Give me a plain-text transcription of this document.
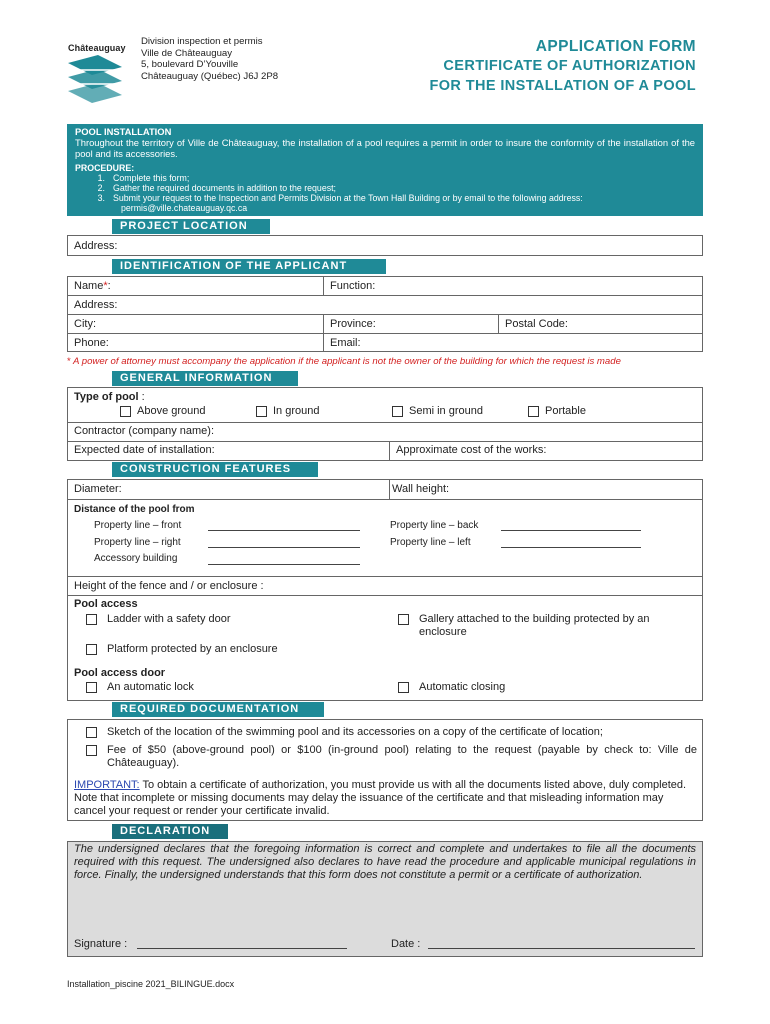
Châteauguay
Division inspection et permis
Ville de Châteauguay
5, boulevard D’Youville
Châteauguay (Québec) J6J 2P8
APPLICATION FORM
CERTIFICATE OF AUTHORIZATION
FOR THE INSTALLATION OF A POOL
POOL INSTALLATION
Throughout the territory of Ville de Châteauguay, the installation of a pool requires a permit in order to insure the conformity of the installation of the pool and its accessories.
PROCEDURE:
1. Complete this form;
2. Gather the required documents in addition to the request;
3. Submit your request to the Inspection and Permits Division at the Town Hall Building or by email to the following address:
permis@ville.chateauguay.qc.ca
PROJECT LOCATION
Address:
IDENTIFICATION OF THE APPLICANT
Name*:	Function:
Address:
City:	Province:	Postal Code:
Phone:	Email:
* A power of attorney must accompany the application if the applicant is not the owner of the building for which the request is made
GENERAL INFORMATION
Type of pool :
Above ground	In ground	Semi in ground	Portable
Contractor (company name):
Expected date of installation:	Approximate cost of the works:
CONSTRUCTION FEATURES
Diameter:	Wall height:
Distance of the pool from
Property line – front
Property line – right
Accessory building
Property line – back
Property line – left
Height of the fence and / or enclosure :
Pool access
Ladder with a safety door	Gallery attached to the building protected by an enclosure
Platform protected by an enclosure
Pool access door
An automatic lock	Automatic closing
REQUIRED DOCUMENTATION
Sketch of the location of the swimming pool and its accessories on a copy of the certificate of location;
Fee of $50 (above-ground pool) or $100 (in-ground pool) relating to the request (payable by check to: Ville de Châteauguay).
IMPORTANT: To obtain a certificate of authorization, you must provide us with all the documents listed above, duly completed. Note that incomplete or missing documents may delay the issuance of the certificate and that misleading information may cancel your request or render your certificate invalid.
DECLARATION
The undersigned declares that the foregoing information is correct and complete and undertakes to file all the documents required with this request. The undersigned also declares to have read the procedure and applicable municipal regulations in force. Finally, the undersigned understands that this form does not constitute a permit or a certificate of authorization.
Signature :	Date :
Installation_piscine 2021_BILINGUE.docx
